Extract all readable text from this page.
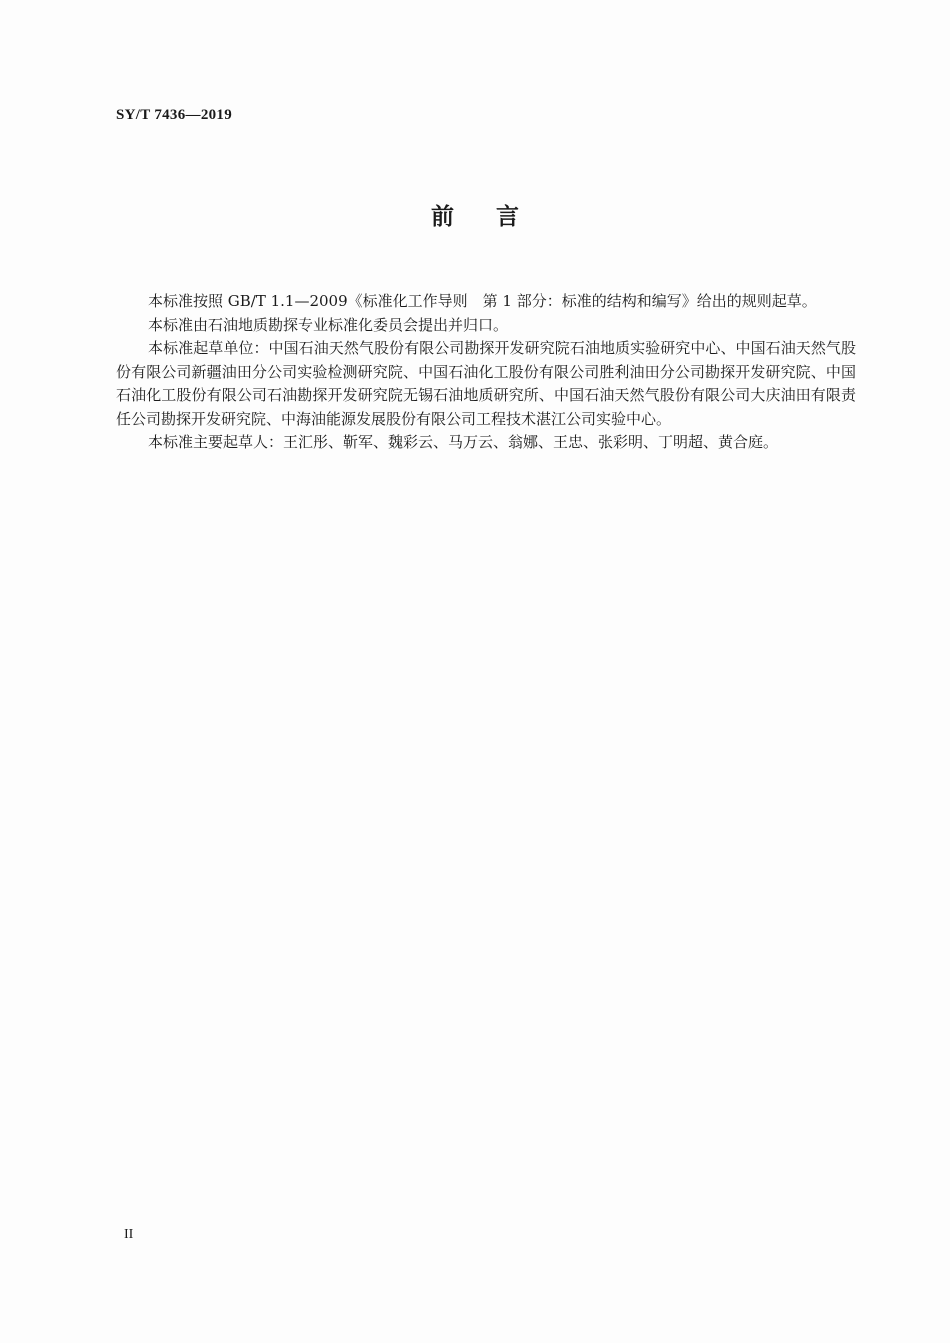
SY/T 7436—2019
前言

本标准按照 GB/T 1.1—2009《标准化工作导则　第 1 部分：标准的结构和编写》给出的规则起草。

本标准由石油地质勘探专业标准化委员会提出并归口。

本标准起草单位：中国石油天然气股份有限公司勘探开发研究院石油地质实验研究中心、中国石油天然气股份有限公司新疆油田分公司实验检测研究院、中国石油化工股份有限公司胜利油田分公司勘探开发研究院、中国石油化工股份有限公司石油勘探开发研究院无锡石油地质研究所、中国石油天然气股份有限公司大庆油田有限责任公司勘探开发研究院、中海油能源发展股份有限公司工程技术湛江公司实验中心。

本标准主要起草人：王汇彤、靳军、魏彩云、马万云、翁娜、王忠、张彩明、丁明超、黄合庭。

II
